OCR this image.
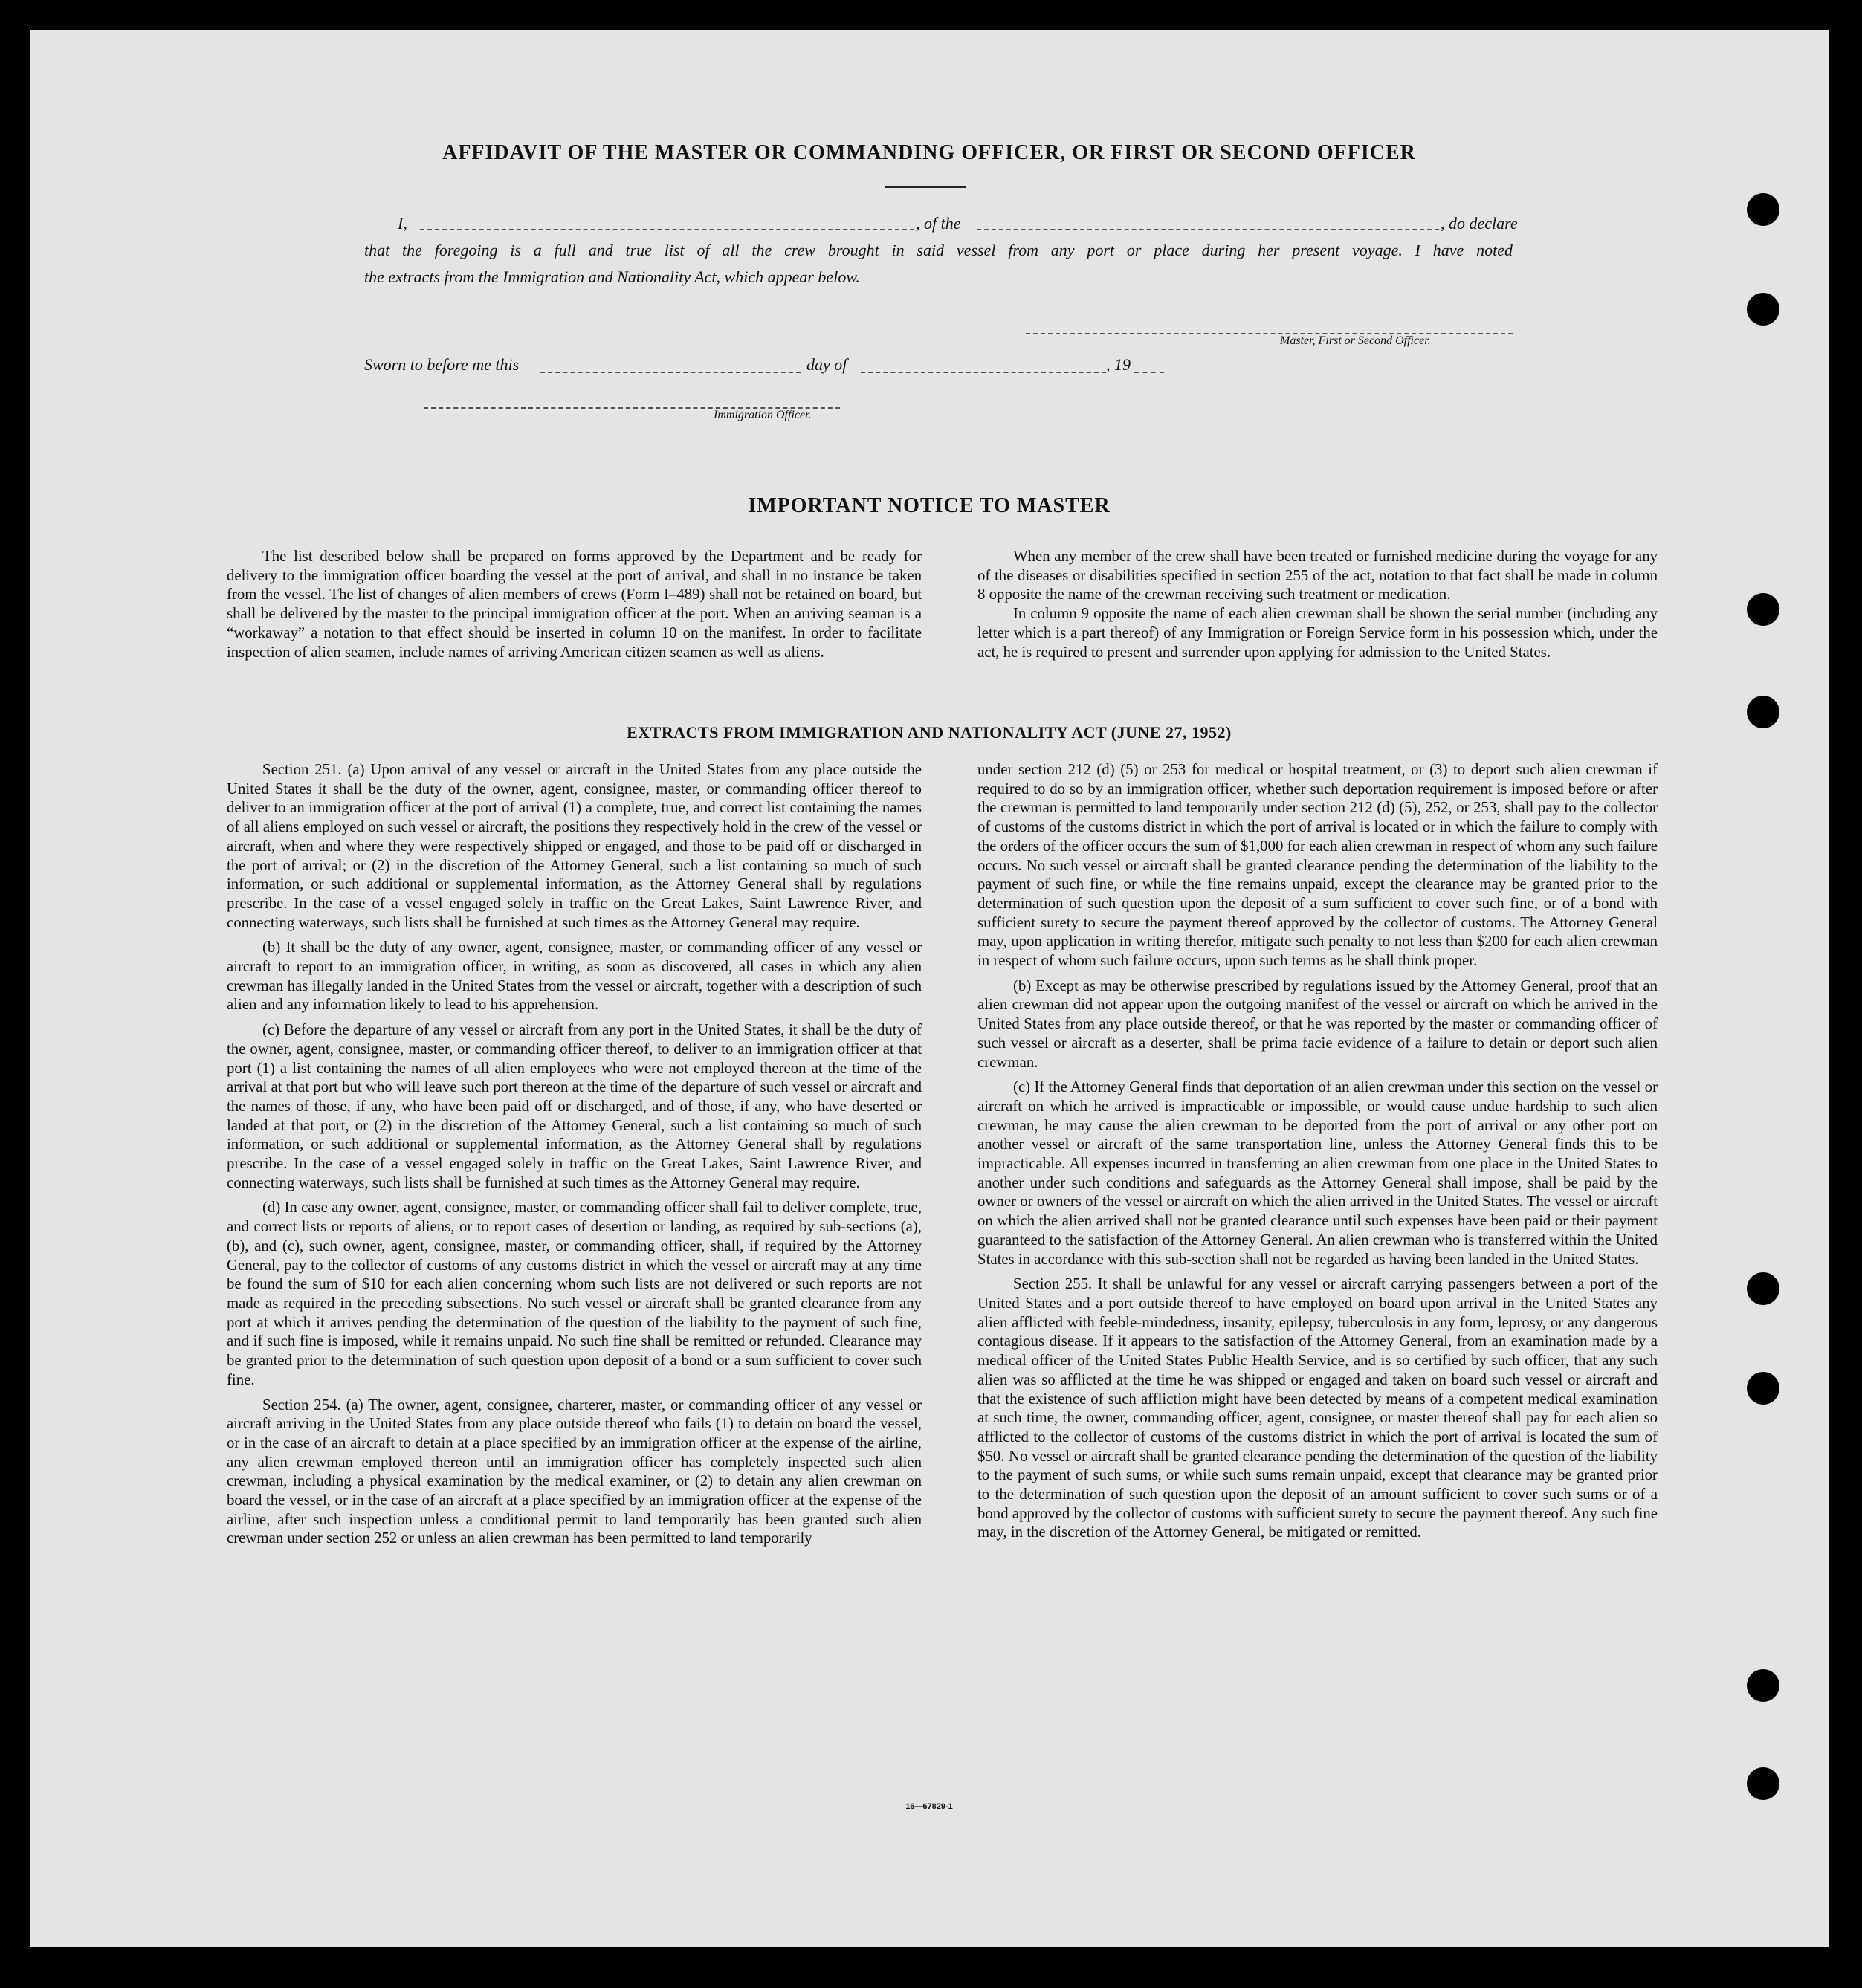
AFFIDAVIT OF THE MASTER OR COMMANDING OFFICER, OR FIRST OR SECOND OFFICER
I,	, of the	, do declare
that the foregoing is a full and true list of all the crew brought in said vessel from any port or place during her present voyage. I have noted
the extracts from the Immigration and Nationality Act, which appear below.
Master, First or Second Officer.
Sworn to before me this	day of	, 19
Immigration Officer.
IMPORTANT NOTICE TO MASTER

The list described below shall be prepared on forms approved by the Department and be ready for delivery to the immigration officer boarding the vessel at the port of arrival, and shall in no instance be taken from the vessel. The list of changes of alien members of crews (Form I–489) shall not be retained on board, but shall be delivered by the master to the principal immigration officer at the port. When an arriving seaman is a “workaway” a notation to that effect should be inserted in column 10 on the manifest. In order to facilitate inspection of alien seamen, include names of arriving American citizen seamen as well as aliens.

When any member of the crew shall have been treated or furnished medicine during the voyage for any of the diseases or disabilities specified in section 255 of the act, notation to that fact shall be made in column 8 opposite the name of the crewman receiving such treatment or medication.

In column 9 opposite the name of each alien crewman shall be shown the serial number (including any letter which is a part thereof) of any Immigration or Foreign Service form in his possession which, under the act, he is required to present and surrender upon applying for admission to the United States.

EXTRACTS FROM IMMIGRATION AND NATIONALITY ACT (JUNE 27, 1952)

Section 251. (a) Upon arrival of any vessel or aircraft in the United States from any place outside the United States it shall be the duty of the owner, agent, consignee, master, or commanding officer thereof to deliver to an immigration officer at the port of arrival (1) a complete, true, and correct list containing the names of all aliens employed on such vessel or aircraft, the positions they respectively hold in the crew of the vessel or aircraft, when and where they were respectively shipped or engaged, and those to be paid off or discharged in the port of arrival; or (2) in the discretion of the Attorney General, such a list containing so much of such information, or such additional or supplemental information, as the Attorney General shall by regulations prescribe. In the case of a vessel engaged solely in traffic on the Great Lakes, Saint Lawrence River, and connecting waterways, such lists shall be furnished at such times as the Attorney General may require.

(b) It shall be the duty of any owner, agent, consignee, master, or commanding officer of any vessel or aircraft to report to an immigration officer, in writing, as soon as discovered, all cases in which any alien crewman has illegally landed in the United States from the vessel or aircraft, together with a description of such alien and any information likely to lead to his apprehension.

(c) Before the departure of any vessel or aircraft from any port in the United States, it shall be the duty of the owner, agent, consignee, master, or commanding officer thereof, to deliver to an immigration officer at that port (1) a list containing the names of all alien employees who were not employed thereon at the time of the arrival at that port but who will leave such port thereon at the time of the departure of such vessel or aircraft and the names of those, if any, who have been paid off or discharged, and of those, if any, who have deserted or landed at that port, or (2) in the discretion of the Attorney General, such a list containing so much of such information, or such additional or supplemental information, as the Attorney General shall by regulations prescribe. In the case of a vessel engaged solely in traffic on the Great Lakes, Saint Lawrence River, and connecting waterways, such lists shall be furnished at such times as the Attorney General may require.

(d) In case any owner, agent, consignee, master, or commanding officer shall fail to deliver complete, true, and correct lists or reports of aliens, or to report cases of desertion or landing, as required by sub-sections (a), (b), and (c), such owner, agent, consignee, master, or commanding officer, shall, if required by the Attorney General, pay to the collector of customs of any customs district in which the vessel or aircraft may at any time be found the sum of $10 for each alien concerning whom such lists are not delivered or such reports are not made as required in the preceding subsections. No such vessel or aircraft shall be granted clearance from any port at which it arrives pending the determination of the question of the liability to the payment of such fine, and if such fine is imposed, while it remains unpaid. No such fine shall be remitted or refunded. Clearance may be granted prior to the determination of such question upon deposit of a bond or a sum sufficient to cover such fine.

Section 254. (a) The owner, agent, consignee, charterer, master, or commanding officer of any vessel or aircraft arriving in the United States from any place outside thereof who fails (1) to detain on board the vessel, or in the case of an aircraft to detain at a place specified by an immigration officer at the expense of the airline, any alien crewman employed thereon until an immigration officer has completely inspected such alien crewman, including a physical examination by the medical examiner, or (2) to detain any alien crewman on board the vessel, or in the case of an aircraft at a place specified by an immigration officer at the expense of the airline, after such inspection unless a conditional permit to land temporarily has been granted such alien crewman under section 252 or unless an alien crewman has been permitted to land temporarily

under section 212 (d) (5) or 253 for medical or hospital treatment, or (3) to deport such alien crewman if required to do so by an immigration officer, whether such deportation requirement is imposed before or after the crewman is permitted to land temporarily under section 212 (d) (5), 252, or 253, shall pay to the collector of customs of the customs district in which the port of arrival is located or in which the failure to comply with the orders of the officer occurs the sum of $1,000 for each alien crewman in respect of whom any such failure occurs. No such vessel or aircraft shall be granted clearance pending the determination of the liability to the payment of such fine, or while the fine remains unpaid, except the clearance may be granted prior to the determination of such question upon the deposit of a sum sufficient to cover such fine, or of a bond with sufficient surety to secure the payment thereof approved by the collector of customs. The Attorney General may, upon application in writing therefor, mitigate such penalty to not less than $200 for each alien crewman in respect of whom such failure occurs, upon such terms as he shall think proper.

(b) Except as may be otherwise prescribed by regulations issued by the Attorney General, proof that an alien crewman did not appear upon the outgoing manifest of the vessel or aircraft on which he arrived in the United States from any place outside thereof, or that he was reported by the master or commanding officer of such vessel or aircraft as a deserter, shall be prima facie evidence of a failure to detain or deport such alien crewman.

(c) If the Attorney General finds that deportation of an alien crewman under this section on the vessel or aircraft on which he arrived is impracticable or impossible, or would cause undue hardship to such alien crewman, he may cause the alien crewman to be deported from the port of arrival or any other port on another vessel or aircraft of the same transportation line, unless the Attorney General finds this to be impracticable. All expenses incurred in transferring an alien crewman from one place in the United States to another under such conditions and safeguards as the Attorney General shall impose, shall be paid by the owner or owners of the vessel or aircraft on which the alien arrived in the United States. The vessel or aircraft on which the alien arrived shall not be granted clearance until such expenses have been paid or their payment guaranteed to the satisfaction of the Attorney General. An alien crewman who is transferred within the United States in accordance with this sub-section shall not be regarded as having been landed in the United States.

Section 255. It shall be unlawful for any vessel or aircraft carrying passengers between a port of the United States and a port outside thereof to have employed on board upon arrival in the United States any alien afflicted with feeble-mindedness, insanity, epilepsy, tuberculosis in any form, leprosy, or any dangerous contagious disease. If it appears to the satisfaction of the Attorney General, from an examination made by a medical officer of the United States Public Health Service, and is so certified by such officer, that any such alien was so afflicted at the time he was shipped or engaged and taken on board such vessel or aircraft and that the existence of such affliction might have been detected by means of a competent medical examination at such time, the owner, commanding officer, agent, consignee, or master thereof shall pay for each alien so afflicted to the collector of customs of the customs district in which the port of arrival is located the sum of $50. No vessel or aircraft shall be granted clearance pending the determination of the question of the liability to the payment of such sums, or while such sums remain unpaid, except that clearance may be granted prior to the determination of such question upon the deposit of an amount sufficient to cover such sums or of a bond approved by the collector of customs with sufficient surety to secure the payment thereof. Any such fine may, in the discretion of the Attorney General, be mitigated or remitted.

16—67829-1
